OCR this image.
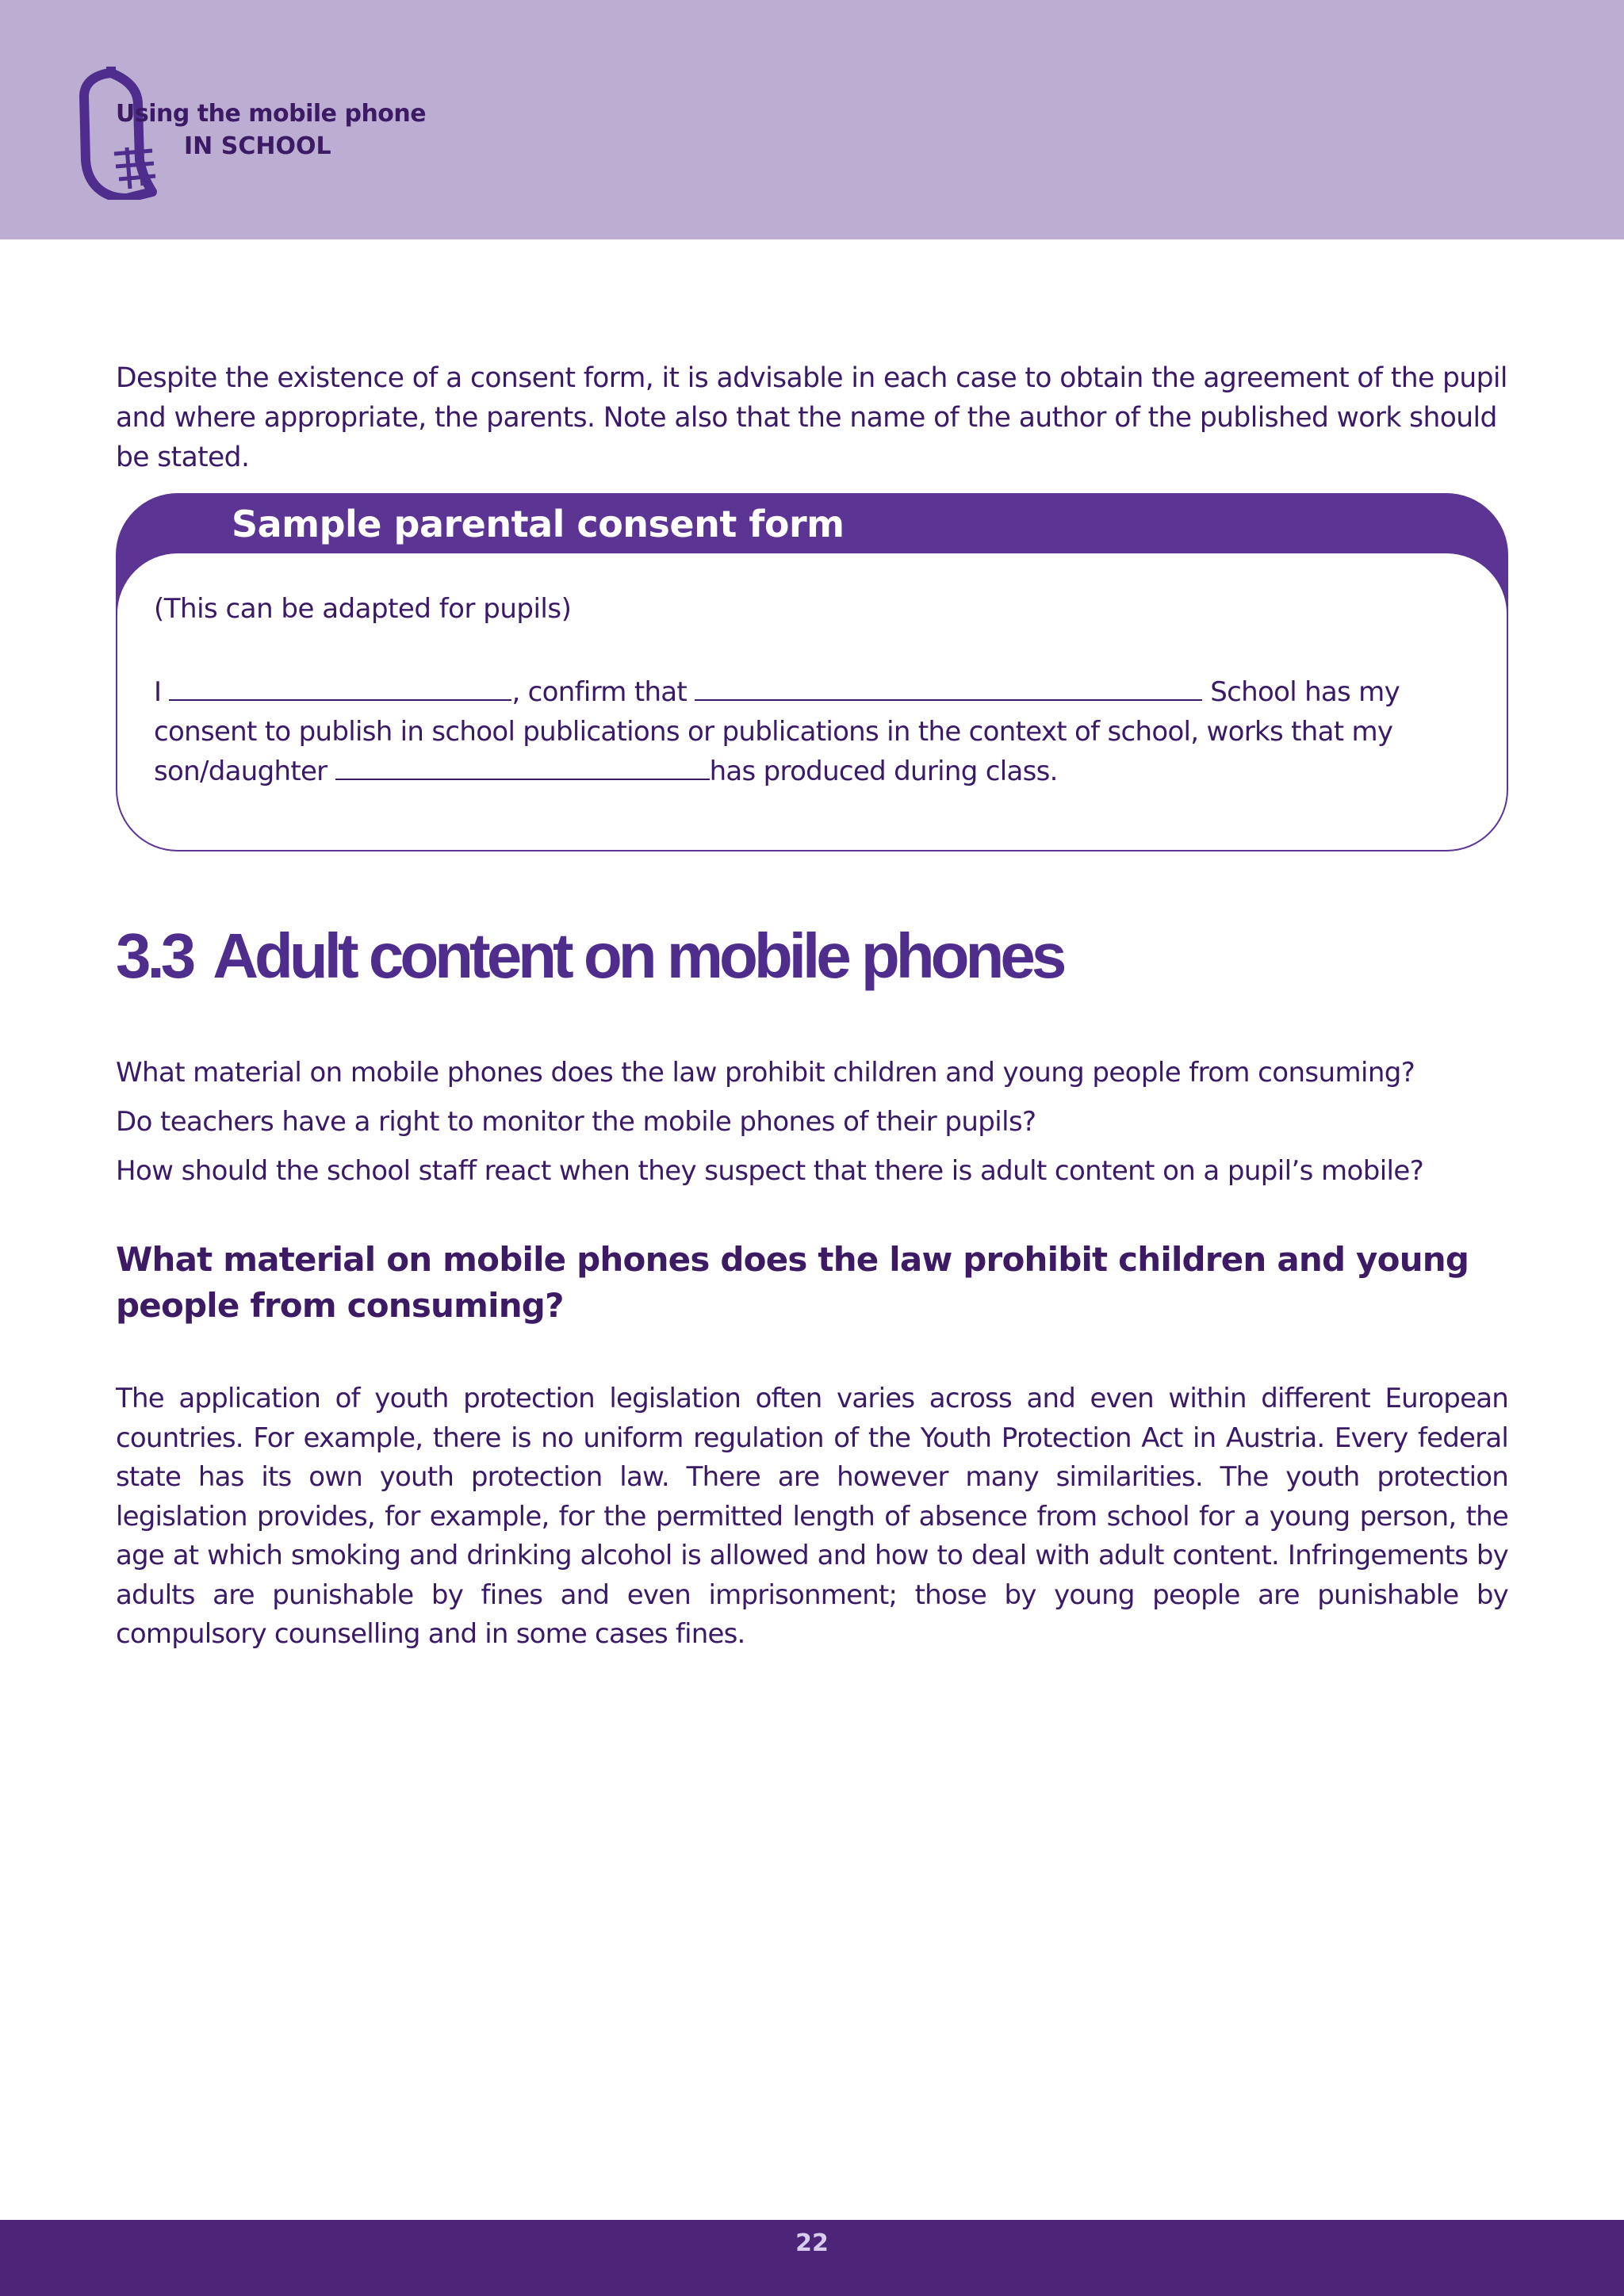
Using the mobile phone
IN SCHOOL

Despite the existence of a consent form, it is advisable in each case to obtain the agreement of the pupil and where appropriate, the parents. Note also that the name of the author of the published work should be stated.

Sample parental consent form
(This can be adapted for pupils)

I	, confirm that	School has my consent to publish in school publications or publications in the context of school, works that my son/daughter	has produced during class.

3.3 Adult content on mobile phones
What material on mobile phones does the law prohibit children and young people from consuming?
Do teachers have a right to monitor the mobile phones of their pupils?
How should the school staff react when they suspect that there is adult content on a pupil’s mobile?
What material on mobile phones does the law prohibit children and young people from consuming?

The application of youth protection legislation often varies across and even within different European countries. For example, there is no uniform regulation of the Youth Protection Act in Austria. Every federal state has its own youth protection law. There are however many similarities. The youth protection legislation provides, for example, for the permitted length of absence from school for a young person, the age at which smoking and drinking alcohol is allowed and how to deal with adult content. Infringements by adults are punishable by fines and even imprisonment; those by young people are punishable by compulsory counselling and in some cases fines.

22
